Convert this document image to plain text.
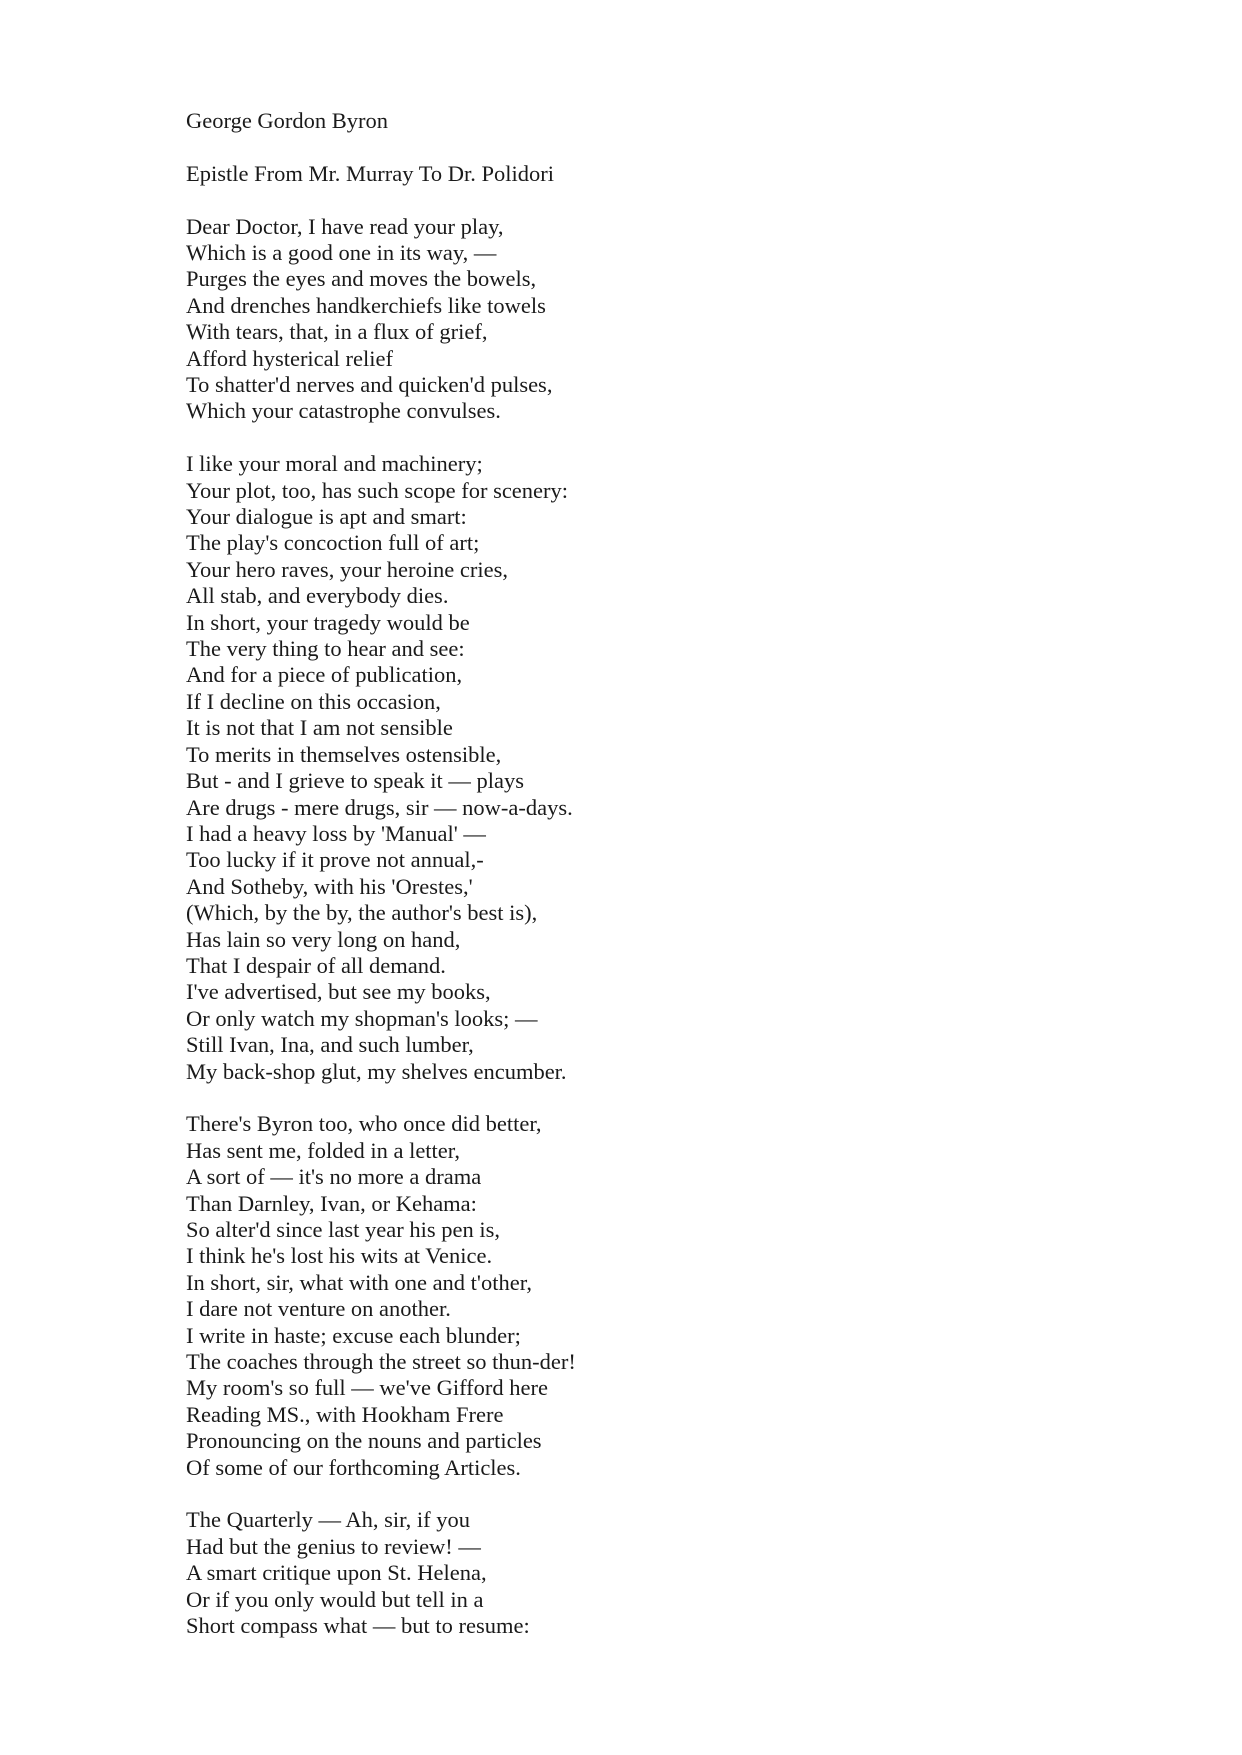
George Gordon Byron
Epistle From Mr. Murray To Dr. Polidori
Dear Doctor, I have read your play,
Which is a good one in its way, —
Purges the eyes and moves the bowels,
And drenches handkerchiefs like towels
With tears, that, in a flux of grief,
Afford hysterical relief
To shatter'd nerves and quicken'd pulses,
Which your catastrophe convulses.
I like your moral and machinery;
Your plot, too, has such scope for scenery:
Your dialogue is apt and smart:
The play's concoction full of art;
Your hero raves, your heroine cries,
All stab, and everybody dies.
In short, your tragedy would be
The very thing to hear and see:
And for a piece of publication,
If I decline on this occasion,
It is not that I am not sensible
To merits in themselves ostensible,
But - and I grieve to speak it — plays
Are drugs - mere drugs, sir — now-a-days.
I had a heavy loss by 'Manual' —
Too lucky if it prove not annual,-
And Sotheby, with his 'Orestes,'
(Which, by the by, the author's best is),
Has lain so very long on hand,
That I despair of all demand.
I've advertised, but see my books,
Or only watch my shopman's looks; —
Still Ivan, Ina, and such lumber,
My back-shop glut, my shelves encumber.
There's Byron too, who once did better,
Has sent me, folded in a letter,
A sort of — it's no more a drama
Than Darnley, Ivan, or Kehama:
So alter'd since last year his pen is,
I think he's lost his wits at Venice.
In short, sir, what with one and t'other,
I dare not venture on another.
I write in haste; excuse each blunder;
The coaches through the street so thun-der!
My room's so full — we've Gifford here
Reading MS., with Hookham Frere
Pronouncing on the nouns and particles
Of some of our forthcoming Articles.
The Quarterly — Ah, sir, if you
Had but the genius to review! —
A smart critique upon St. Helena,
Or if you only would but tell in a
Short compass what — but to resume:
